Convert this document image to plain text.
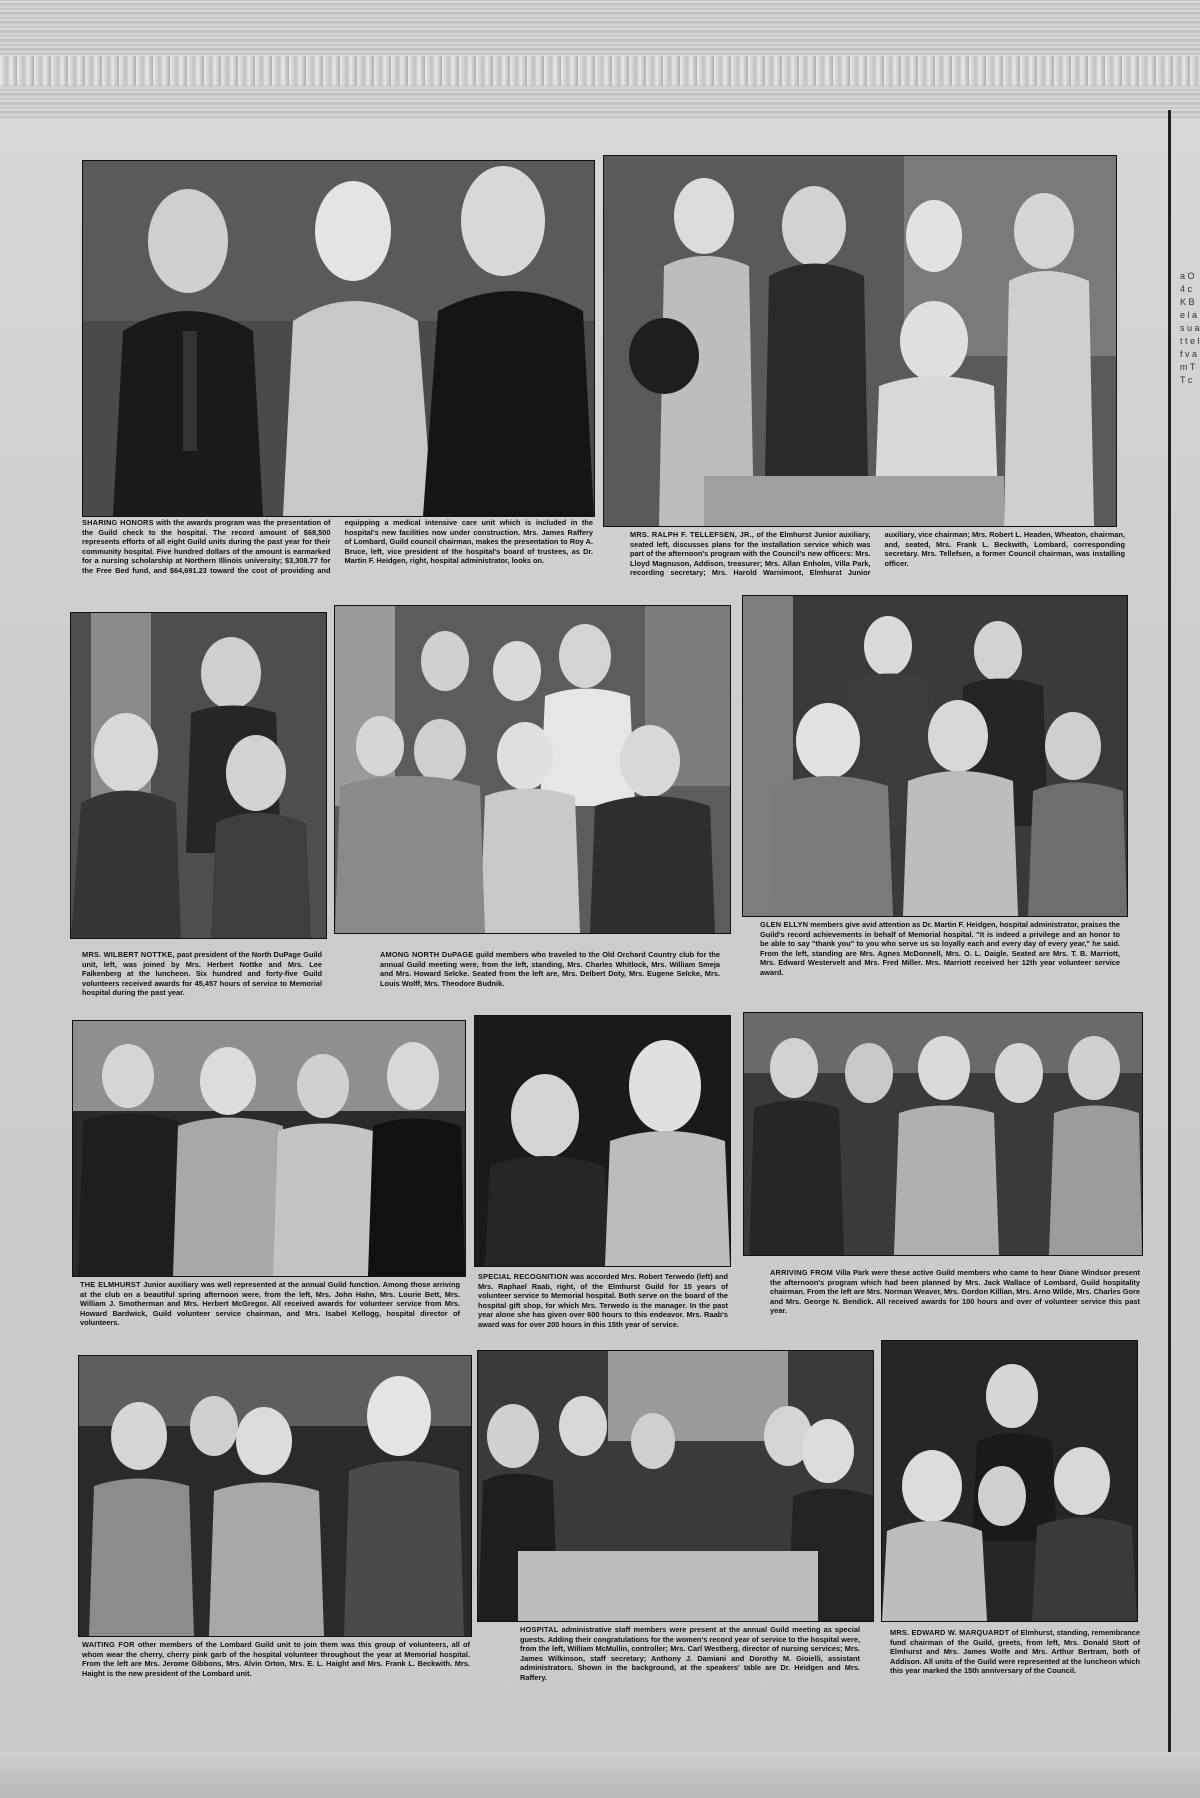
a O 4 c K B e l a s u a t t e l f v a m T T c
SHARING HONORS with the awards program was the presentation of the Guild check to the hospital. The record amount of $68,500 represents efforts of all eight Guild units during the past year for their community hospital. Five hundred dollars of the amount is earmarked for a nursing scholarship at Northern Illinois university; $3,308.77 for the Free Bed fund, and $64,691.23 toward the cost of providing and equipping a medical intensive care unit which is included in the hospital's new facilities now under construction. Mrs. James Raffery of Lombard, Guild council chairman, makes the presentation to Roy A. Bruce, left, vice president of the hospital's board of trustees, as Dr. Martin F. Heidgen, right, hospital administrator, looks on.
MRS. RALPH F. TELLEFSEN, JR., of the Elmhurst Junior auxiliary, seated left, discusses plans for the installation service which was part of the afternoon's program with the Council's new officers: Mrs. Lloyd Magnuson, Addison, treasurer; Mrs. Allan Enholm, Villa Park, recording secretary; Mrs. Harold Warnimont, Elmhurst Junior auxiliary, vice chairman; Mrs. Robert L. Headen, Wheaton, chairman, and, seated, Mrs. Frank L. Beckwith, Lombard, corresponding secretary. Mrs. Tellefsen, a former Council chairman, was installing officer.
MRS. WILBERT NOTTKE, past president of the North DuPage Guild unit, left, was joined by Mrs. Herbert Nottke and Mrs. Lee Falkenberg at the luncheon. Six hundred and forty-five Guild volunteers received awards for 45,457 hours of service to Memorial hospital during the past year.
AMONG NORTH DuPAGE guild members who traveled to the Old Orchard Country club for the annual Guild meeting were, from the left, standing, Mrs. Charles Whitlock, Mrs. William Smeja and Mrs. Howard Selcke. Seated from the left are, Mrs. Delbert Doty, Mrs. Eugene Selcke, Mrs. Louis Wolff, Mrs. Theodore Budnik.
GLEN ELLYN members give avid attention as Dr. Martin F. Heidgen, hospital administrator, praises the Guild's record achievements in behalf of Memorial hospital. "It is indeed a privilege and an honor to be able to say "thank you" to you who serve us so loyally each and every day of every year," he said. From the left, standing are Mrs. Agnes McDonnell, Mrs. O. L. Daigle. Seated are Mrs. T. B. Marriott, Mrs. Edward Westervelt and Mrs. Fred Miller. Mrs. Marriott received her 12th year volunteer service award.
THE ELMHURST Junior auxiliary was well represented at the annual Guild function. Among those arriving at the club on a beautiful spring afternoon were, from the left, Mrs. John Hahn, Mrs. Lourie Bett, Mrs. William J. Smotherman and Mrs. Herbert McGregor. All received awards for volunteer service from Mrs. Howard Bardwick, Guild volunteer service chairman, and Mrs. Isabel Kellogg, hospital director of volunteers.
SPECIAL RECOGNITION was accorded Mrs. Robert Terwedo (left) and Mrs. Raphael Raab, right, of the Elmhurst Guild for 15 years of volunteer service to Memorial hospital. Both serve on the board of the hospital gift shop, for which Mrs. Terwedo is the manager. In the past year alone she has given over 600 hours to this endeavor. Mrs. Raab's award was for over 200 hours in this 15th year of service.
ARRIVING FROM Villa Park were these active Guild members who came to hear Diane Windsor present the afternoon's program which had been planned by Mrs. Jack Wallace of Lombard, Guild hospitality chairman. From the left are Mrs. Norman Weaver, Mrs. Gordon Killian, Mrs. Arno Wilde, Mrs. Charles Gore and Mrs. George N. Bendick. All received awards for 100 hours and over of volunteer service this past year.
WAITING FOR other members of the Lombard Guild unit to join them was this group of volunteers, all of whom wear the cherry, cherry pink garb of the hospital volunteer throughout the year at Memorial hospital. From the left are Mrs. Jerome Gibbons, Mrs. Alvin Orton, Mrs. E. L. Haight and Mrs. Frank L. Beckwith. Mrs. Haight is the new president of the Lombard unit.
HOSPITAL administrative staff members were present at the annual Guild meeting as special guests. Adding their congratulations for the women's record year of service to the hospital were, from the left, William McMullin, controller; Mrs. Carl Westberg, director of nursing services; Mrs. James Wilkinson, staff secretary; Anthony J. Damiani and Dorothy M. Gioielli, assistant administrators. Shown in the background, at the speakers' table are Dr. Heidgen and Mrs. Raffery.
MRS. EDWARD W. MARQUARDT of Elmhurst, standing, remembrance fund chairman of the Guild, greets, from left, Mrs. Donald Stott of Elmhurst and Mrs. James Wolfe and Mrs. Arthur Bertram, both of Addison. All units of the Guild were represented at the luncheon which this year marked the 15th anniversary of the Council.
